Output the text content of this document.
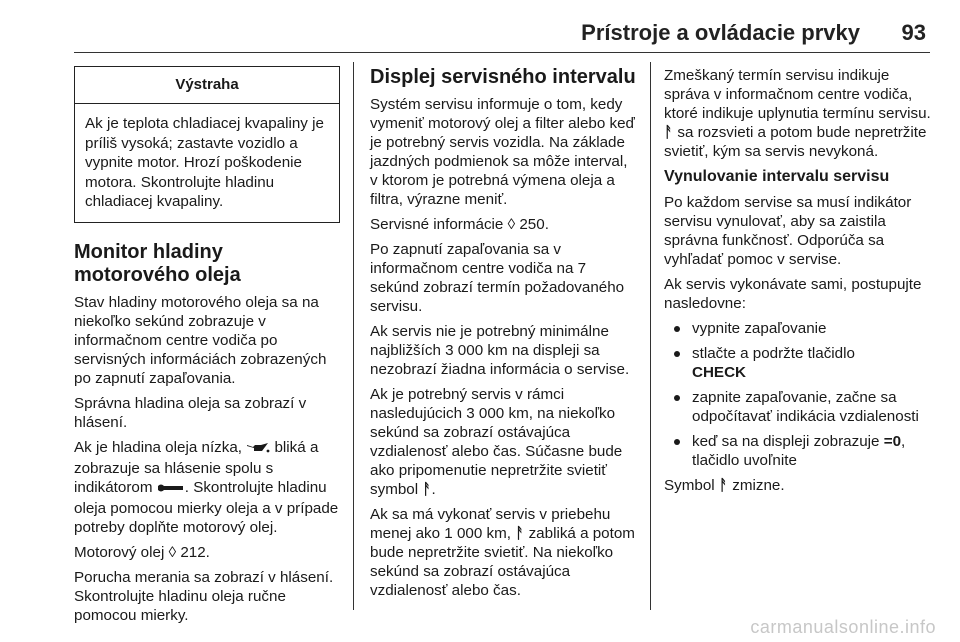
Prístroje a ovládacie prvky 93
Výstraha
Ak je teplota chladiacej kvapaliny je príliš vysoká; zastavte vozidlo a vypnite motor. Hrozí poškodenie motora. Skontrolujte hladinu chladiacej kvapaliny.
Monitor hladiny motorového oleja

Stav hladiny motorového oleja sa na niekoľko sekúnd zobrazuje v informačnom centre vodiča po servisných informáciách zobrazených po zapnutí zapaľovania.

Správna hladina oleja sa zobrazí v hlásení.

Ak je hladina oleja nízka, bliká a zobrazuje sa hlásenie spolu s indikátorom . Skontrolujte hladinu oleja pomocou mierky oleja a v prípade potreby doplňte motorový olej.

Motorový olej ◊ 212.

Porucha merania sa zobrazí v hlásení. Skontrolujte hladinu oleja ručne pomocou mierky.

Displej servisného intervalu

Systém servisu informuje o tom, kedy vymeniť motorový olej a filter alebo keď je potrebný servis vozidla. Na základe jazdných podmienok sa môže interval, v ktorom je potrebná výmena oleja a filtra, výrazne meniť.

Servisné informácie ◊ 250.

Po zapnutí zapaľovania sa v informačnom centre vodiča na 7 sekúnd zobrazí termín požadovaného servisu.

Ak servis nie je potrebný minimálne najbližších 3 000 km na displeji sa nezobrazí žiadna informácia o servise.

Ak je potrebný servis v rámci nasledujúcich 3 000 km, na niekoľko sekúnd sa zobrazí ostávajúca vzdialenosť alebo čas. Súčasne bude ako pripomenutie nepretržite svietiť symbol ᚨ.

Ak sa má vykonať servis v priebehu menej ako 1 000 km, ᚨ zabliká a potom bude nepretržite svietiť. Na niekoľko sekúnd sa zobrazí ostávajúca vzdialenosť alebo čas.

Zmeškaný termín servisu indikuje správa v informačnom centre vodiča, ktoré indikuje uplynutia termínu servisu. ᚨ sa rozsvieti a potom bude nepretržite svietiť, kým sa servis nevykoná.

Vynulovanie intervalu servisu

Po každom servise sa musí indikátor servisu vynulovať, aby sa zaistila správna funkčnosť. Odporúča sa vyhľadať pomoc v servise.

Ak servis vykonávate sami, postupujte nasledovne:

vypnite zapaľovanie
stlačte a podržte tlačidlo
CHECK
zapnite zapaľovanie, začne sa odpočítavať indikácia vzdialenosti
keď sa na displeji zobrazuje =0, tlačidlo uvoľnite

Symbol ᚨ zmizne.

carmanualsonline.info
